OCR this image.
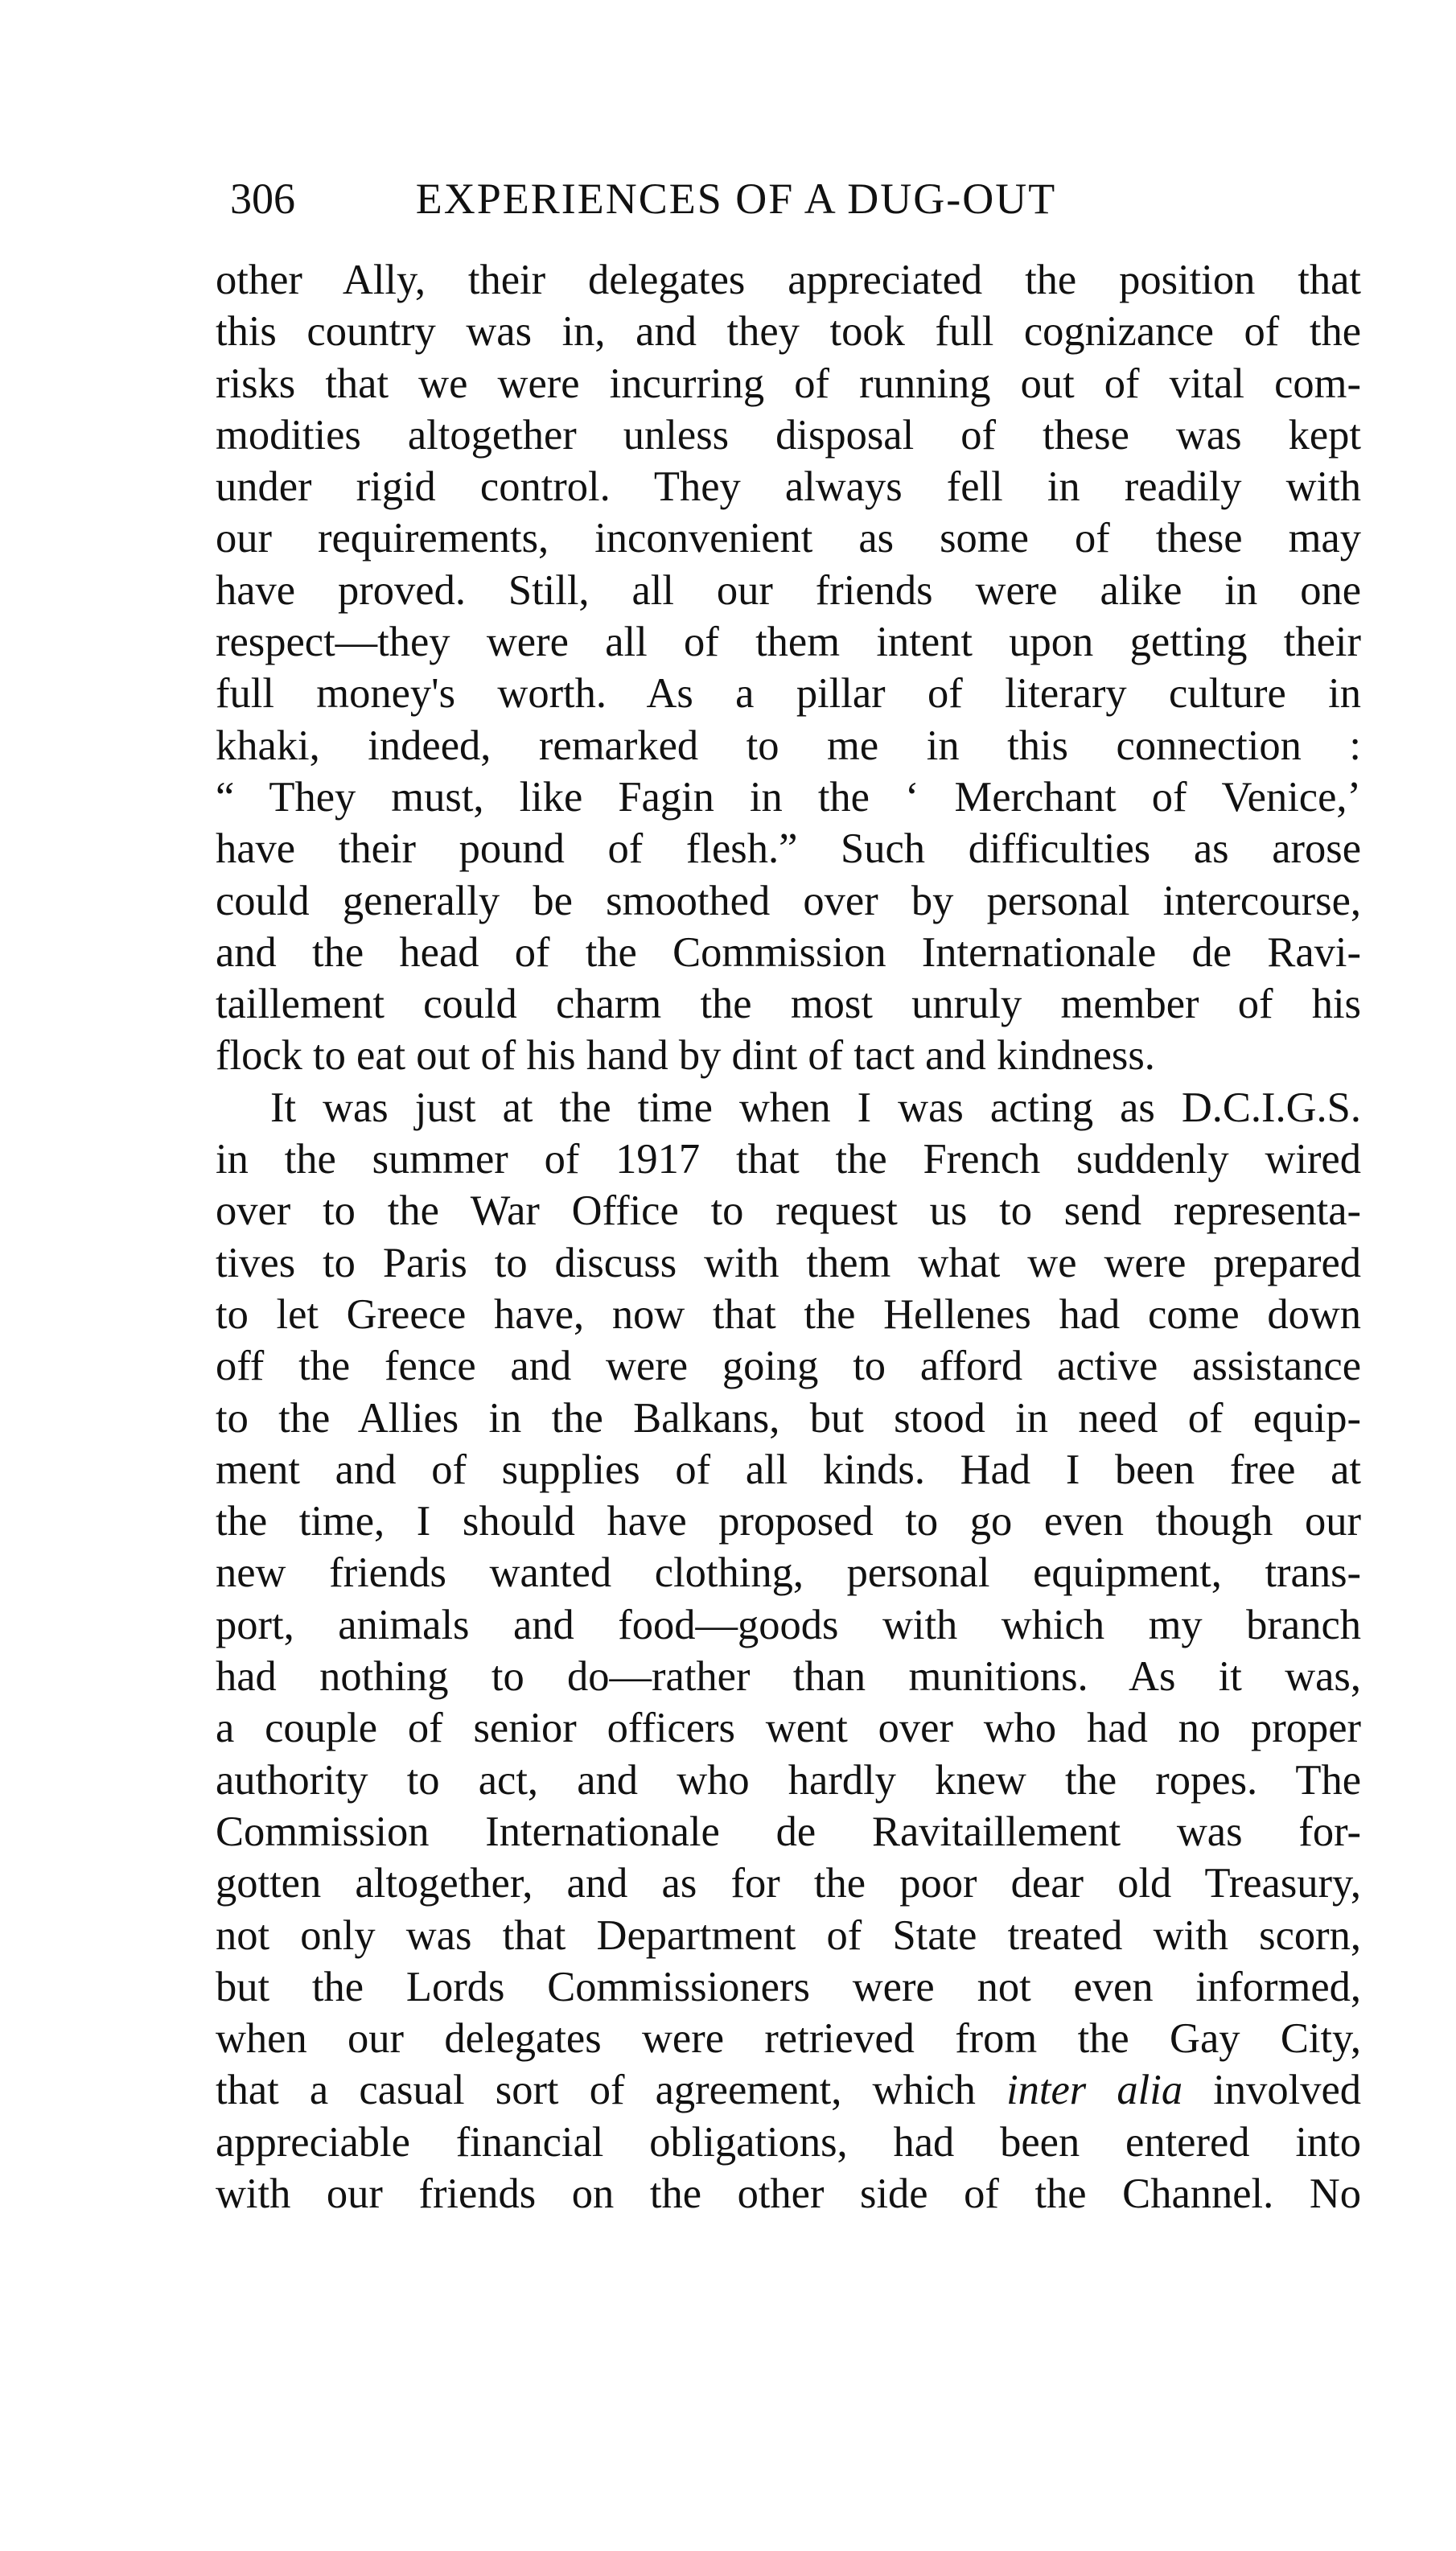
306	EXPERIENCES OF A DUG-OUT
other Ally, their delegates appreciated the position that
this country was in, and they took full cognizance of the
risks that we were incurring of running out of vital com-
modities altogether unless disposal of these was kept
under rigid control. They always fell in readily with
our requirements, inconvenient as some of these may
have proved. Still, all our friends were alike in one
respect—they were all of them intent upon getting their
full money's worth. As a pillar of literary culture in
khaki, indeed, remarked to me in this connection :
“ They must, like Fagin in the ‘ Merchant of Venice,’
have their pound of flesh.” Such difficulties as arose
could generally be smoothed over by personal intercourse,
and the head of the Commission Internationale de Ravi-
taillement could charm the most unruly member of his
flock to eat out of his hand by dint of tact and kindness.
It was just at the time when I was acting as D.C.I.G.S.
in the summer of 1917 that the French suddenly wired
over to the War Office to request us to send representa-
tives to Paris to discuss with them what we were prepared
to let Greece have, now that the Hellenes had come down
off the fence and were going to afford active assistance
to the Allies in the Balkans, but stood in need of equip-
ment and of supplies of all kinds. Had I been free at
the time, I should have proposed to go even though our
new friends wanted clothing, personal equipment, trans-
port, animals and food—goods with which my branch
had nothing to do—rather than munitions. As it was,
a couple of senior officers went over who had no proper
authority to act, and who hardly knew the ropes. The
Commission Internationale de Ravitaillement was for-
gotten altogether, and as for the poor dear old Treasury,
not only was that Department of State treated with scorn,
but the Lords Commissioners were not even informed,
when our delegates were retrieved from the Gay City,
that a casual sort of agreement, which inter alia involved
appreciable financial obligations, had been entered into
with our friends on the other side of the Channel. No
